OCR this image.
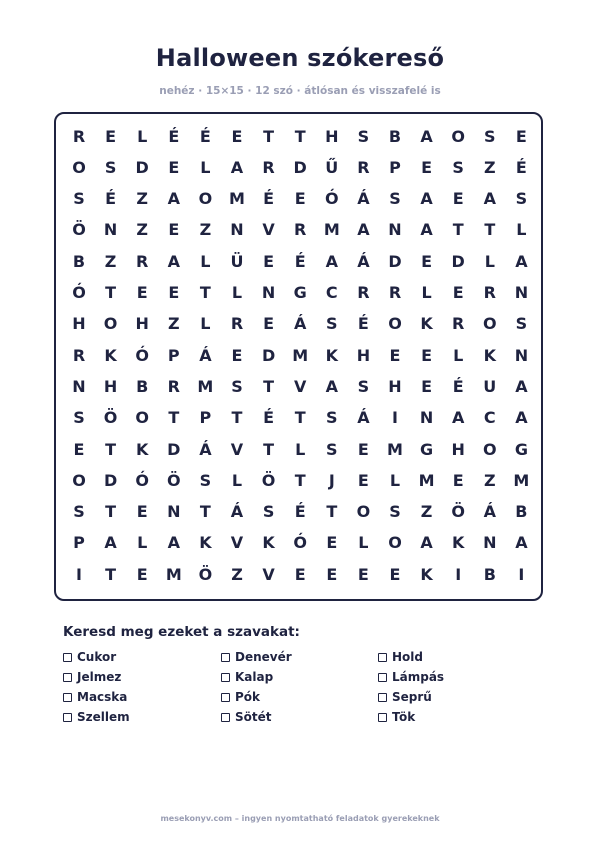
Halloween szókereső
nehéz · 15×15 · 12 szó · átlósan és visszafelé is
R	E	L	É	É	E	T	T	H	S	B	A	O	S	E
O	S	D	E	L	A	R	D	Ű	R	P	E	S	Z	É
S	É	Z	A	O	M	É	E	Ó	Á	S	A	E	A	S
Ö	N	Z	E	Z	N	V	R	M	A	N	A	T	T	L
B	Z	R	A	L	Ü	E	É	A	Á	D	E	D	L	A
Ó	T	E	E	T	L	N	G	C	R	R	L	E	R	N
H	O	H	Z	L	R	E	Á	S	É	O	K	R	O	S
R	K	Ó	P	Á	E	D	M	K	H	E	E	L	K	N
N	H	B	R	M	S	T	V	A	S	H	E	É	U	A
S	Ö	O	T	P	T	É	T	S	Á	I	N	A	C	A
E	T	K	D	Á	V	T	L	S	E	M	G	H	O	G
O	D	Ó	Ö	S	L	Ö	T	J	E	L	M	E	Z	M
S	T	E	N	T	Á	S	É	T	O	S	Z	Ö	Á	B
P	A	L	A	K	V	K	Ó	E	L	O	A	K	N	A
I	T	E	M	Ö	Z	V	E	E	E	E	K	I	B	I
Keresd meg ezeket a szavakat:
Cukor	Denevér	Hold
Jelmez	Kalap	Lámpás
Macska	Pók	Seprű
Szellem	Sötét	Tök
mesekonyv.com – ingyen nyomtatható feladatok gyerekeknek
